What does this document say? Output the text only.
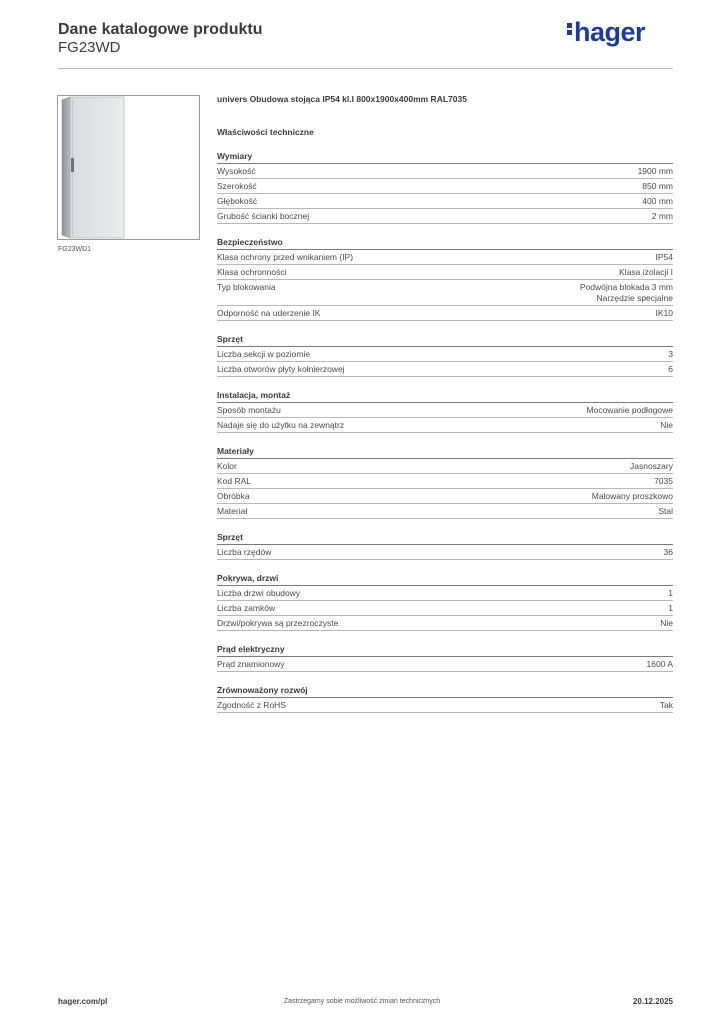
Dane katalogowe produktu
FG23WD
hager
FG23WD1
univers Obudowa stojąca IP54 kl.I 800x1900x400mm RAL7035
Właściwości techniczne
Wymiary
Wysokość	1900 mm
Szerokość	850 mm
Głębokość	400 mm
Grubość ścianki bocznej	2 mm
Bezpieczeństwo
Klasa ochrony przed wnikaniem (IP)	IP54
Klasa ochronności	Klasa izolacji I
Typ blokowania	Podwójna blokada 3 mm
Narzędzie specjalne
Odporność na uderzenie IK	IK10
Sprzęt
Liczba sekcji w poziomie	3
Liczba otworów płyty kołnierzowej	6
Instalacja, montaż
Sposób montażu	Mocowanie podłogowe
Nadaje się do użytku na zewnątrz	Nie
Materiały
Kolor	Jasnoszary
Kod RAL	7035
Obróbka	Malowany proszkowo
Materiał	Stal
Sprzęt
Liczba rzędów	36
Pokrywa, drzwi
Liczba drzwi obudowy	1
Liczba zamków	1
Drzwi/pokrywa są przezroczyste	Nie
Prąd elektryczny
Prąd znamionowy	1600 A
Zrównoważony rozwój
Zgodność z RoHS	Tak
hager.com/pl	Zastrzegamy sobie możliwość zmian technicznych	20.12.2025
